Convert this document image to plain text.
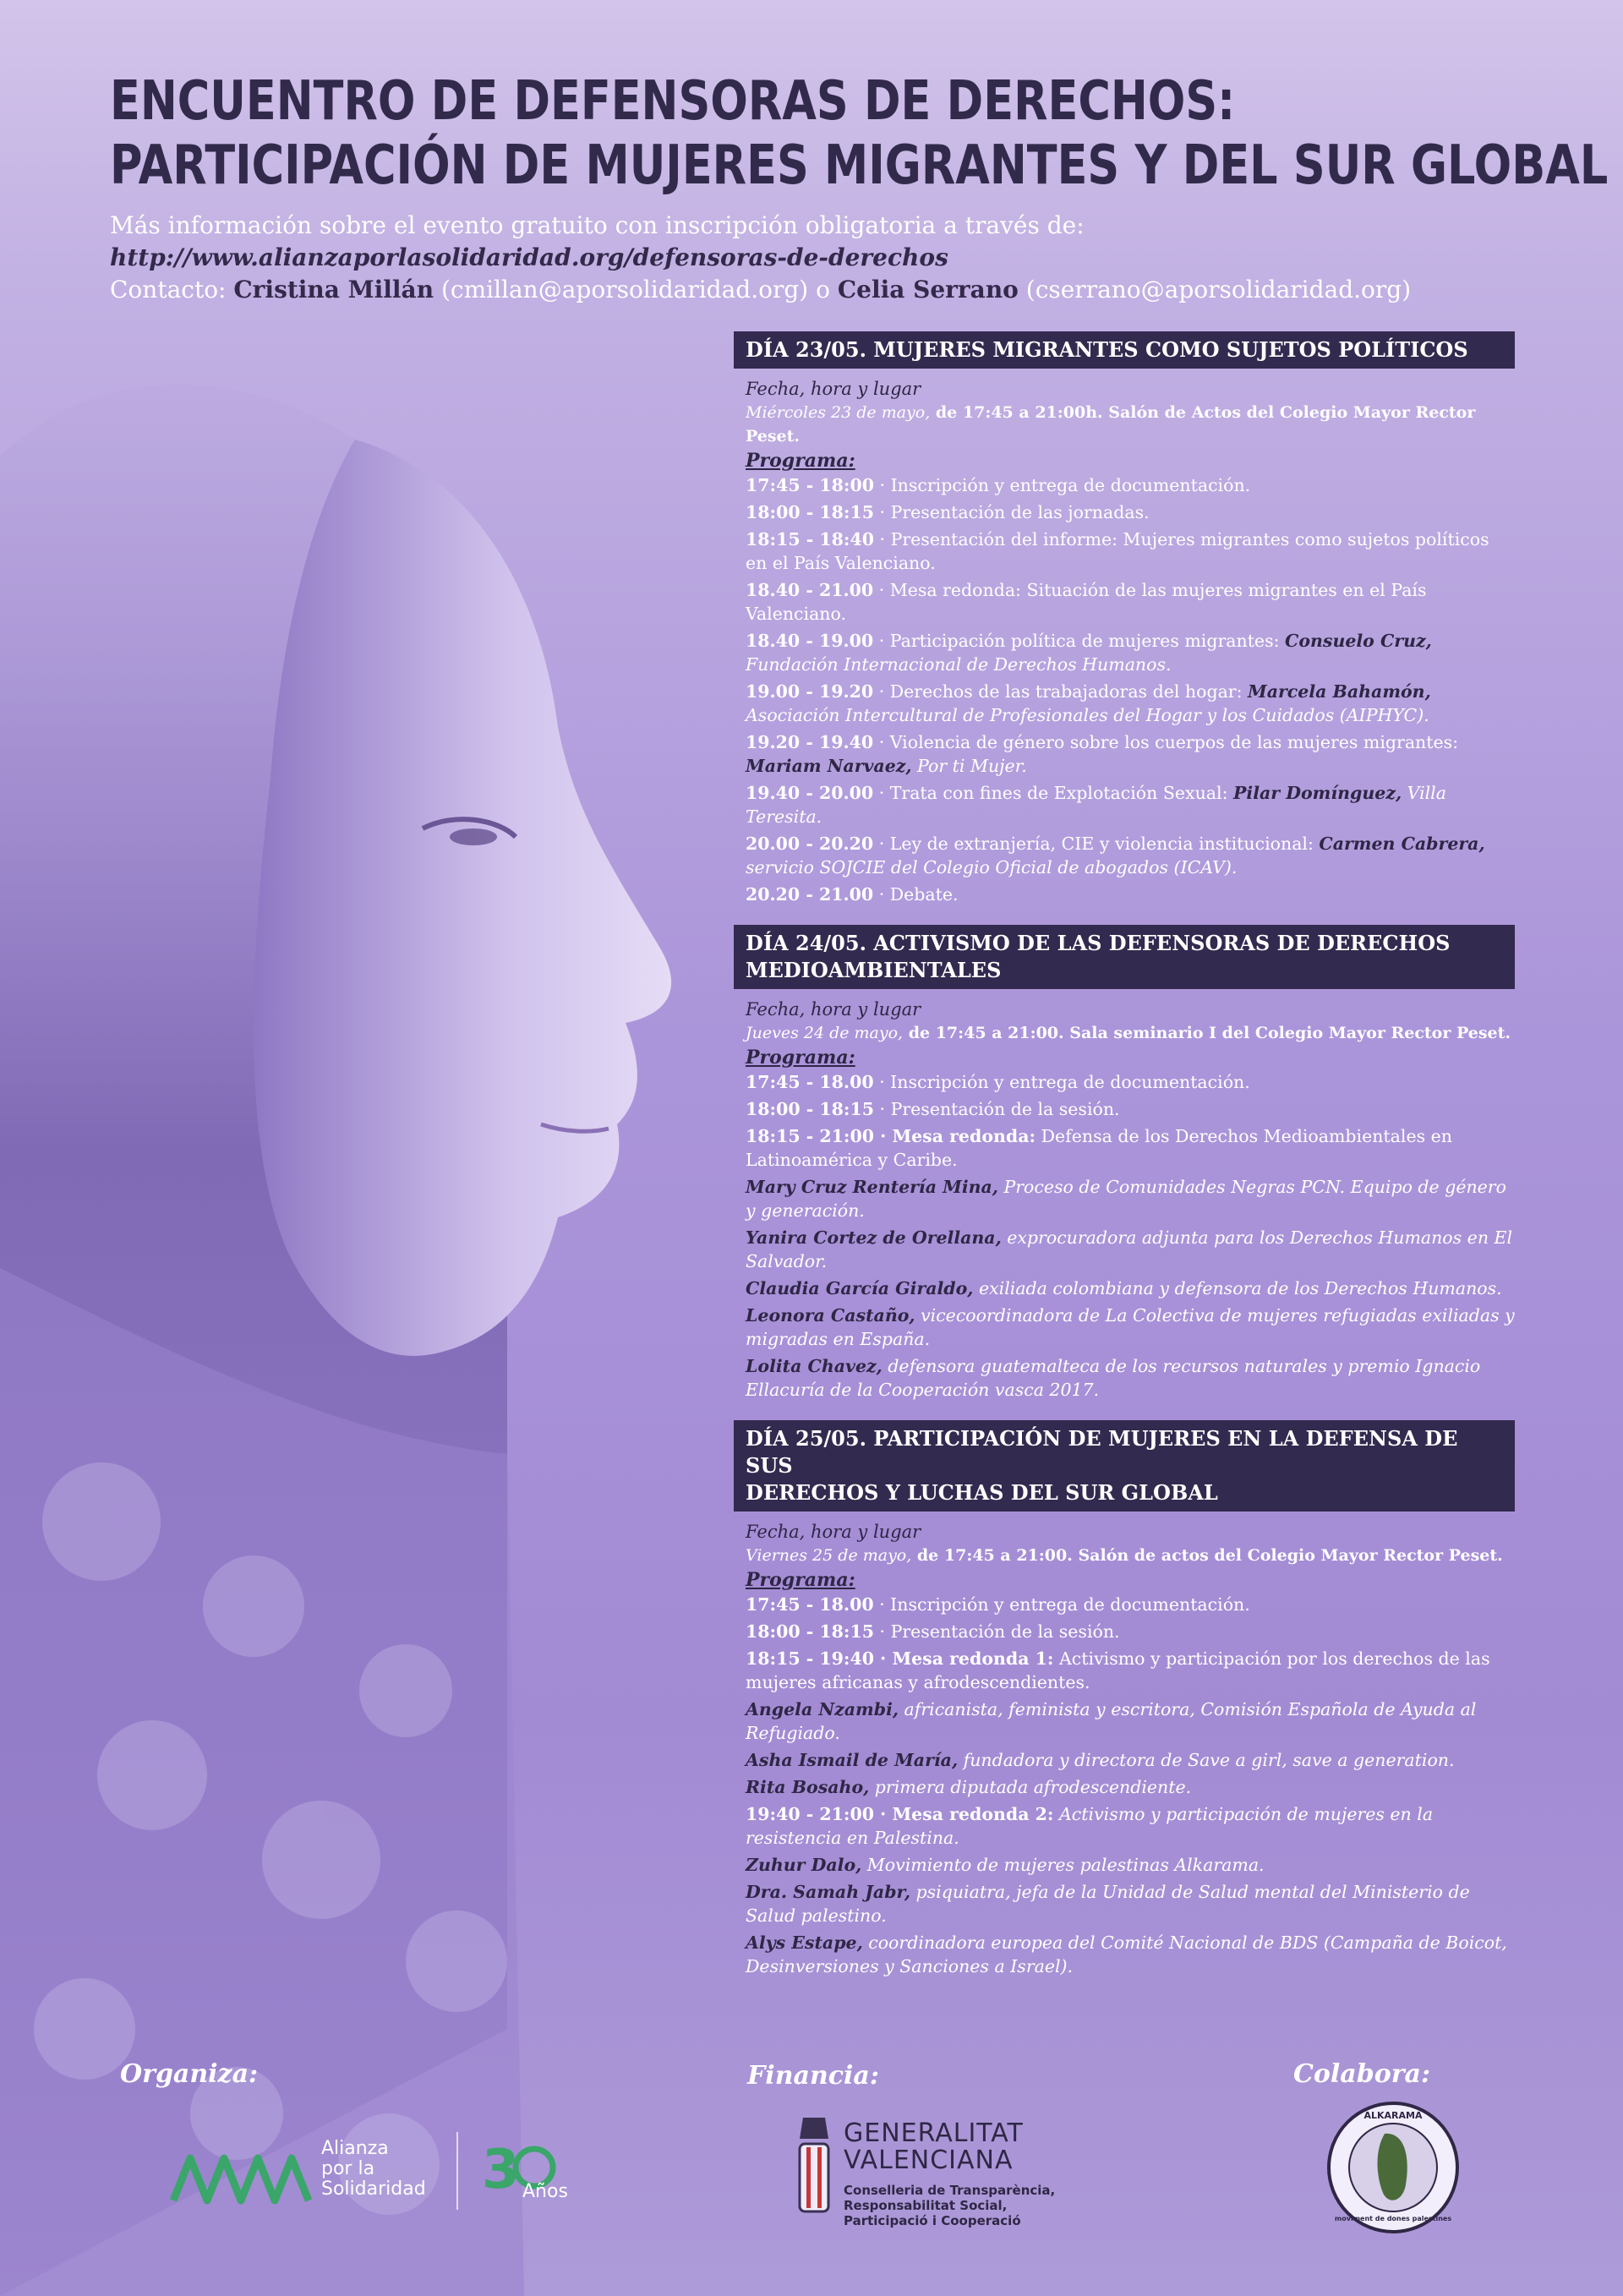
ENCUENTRO DE DEFENSORAS DE DERECHOS:
PARTICIPACIÓN DE MUJERES MIGRANTES Y DEL SUR GLOBAL
Más información sobre el evento gratuito con inscripción obligatoria a través de:
http://www.alianzaporlasolidaridad.org/defensoras-de-derechos
Contacto: Cristina Millán (cmillan@aporsolidaridad.org) o Celia Serrano (cserrano@aporsolidaridad.org)
DÍA 23/05. MUJERES MIGRANTES COMO SUJETOS POLÍTICOS
Fecha, hora y lugar
Miércoles 23 de mayo, de 17:45 a 21:00h. Salón de Actos del Colegio Mayor Rector Peset.
Programa:
17:45 - 18:00 · Inscripción y entrega de documentación.
18:00 - 18:15 · Presentación de las jornadas.
18:15 - 18:40 · Presentación del informe: Mujeres migrantes como sujetos políticos en el País Valenciano.
18.40 - 21.00 · Mesa redonda: Situación de las mujeres migrantes en el País Valenciano.
18.40 - 19.00 · Participación política de mujeres migrantes: Consuelo Cruz, Fundación Internacional de Derechos Humanos.
19.00 - 19.20 · Derechos de las trabajadoras del hogar: Marcela Bahamón, Asociación Intercultural de Profesionales del Hogar y los Cuidados (AIPHYC).
19.20 - 19.40 · Violencia de género sobre los cuerpos de las mujeres migrantes: Mariam Narvaez, Por ti Mujer.
19.40 - 20.00 · Trata con fines de Explotación Sexual: Pilar Domínguez, Villa Teresita.
20.00 - 20.20 · Ley de extranjería, CIE y violencia institucional: Carmen Cabrera, servicio SOJCIE del Colegio Oficial de abogados (ICAV).
20.20 - 21.00 · Debate.
DÍA 24/05. ACTIVISMO DE LAS DEFENSORAS DE DERECHOS
MEDIOAMBIENTALES
Fecha, hora y lugar
Jueves 24 de mayo, de 17:45 a 21:00. Sala seminario I del Colegio Mayor Rector Peset.
Programa:
17:45 - 18.00 · Inscripción y entrega de documentación.
18:00 - 18:15 · Presentación de la sesión.
18:15 - 21:00 · Mesa redonda: Defensa de los Derechos Medioambientales en Latinoamérica y Caribe.
Mary Cruz Rentería Mina, Proceso de Comunidades Negras PCN. Equipo de género y generación.
Yanira Cortez de Orellana, exprocuradora adjunta para los Derechos Humanos en El Salvador.
Claudia García Giraldo, exiliada colombiana y defensora de los Derechos Humanos.
Leonora Castaño, vicecoordinadora de La Colectiva de mujeres refugiadas exiliadas y migradas en España.
Lolita Chavez, defensora guatemalteca de los recursos naturales y premio Ignacio Ellacuría de la Cooperación vasca 2017.
DÍA 25/05. PARTICIPACIÓN DE MUJERES EN LA DEFENSA DE SUS
DERECHOS Y LUCHAS DEL SUR GLOBAL
Fecha, hora y lugar
Viernes 25 de mayo, de 17:45 a 21:00. Salón de actos del Colegio Mayor Rector Peset.
Programa:
17:45 - 18.00 · Inscripción y entrega de documentación.
18:00 - 18:15 · Presentación de la sesión.
18:15 - 19:40 · Mesa redonda 1: Activismo y participación por los derechos de las mujeres africanas y afrodescendientes.
Angela Nzambi, africanista, feminista y escritora, Comisión Española de Ayuda al Refugiado.
Asha Ismail de María, fundadora y directora de Save a girl, save a generation.
Rita Bosaho, primera diputada afrodescendiente.
19:40 - 21:00 · Mesa redonda 2: Activismo y participación de mujeres en la resistencia en Palestina.
Zuhur Dalo, Movimiento de mujeres palestinas Alkarama.
Dra. Samah Jabr, psiquiatra, jefa de la Unidad de Salud mental del Ministerio de Salud palestino.
Alys Estape, coordinadora europea del Comité Nacional de BDS (Campaña de Boicot, Desinversiones y Sanciones a Israel).
Organiza:	Financia:	Colabora:
Alianza
por la
Solidaridad 3 Años
GENERALITAT
VALENCIANA
Conselleria de Transparència,
Responsabilitat Social,
Participació i Cooperació
ALKARAMA
moviment de dones palestines
